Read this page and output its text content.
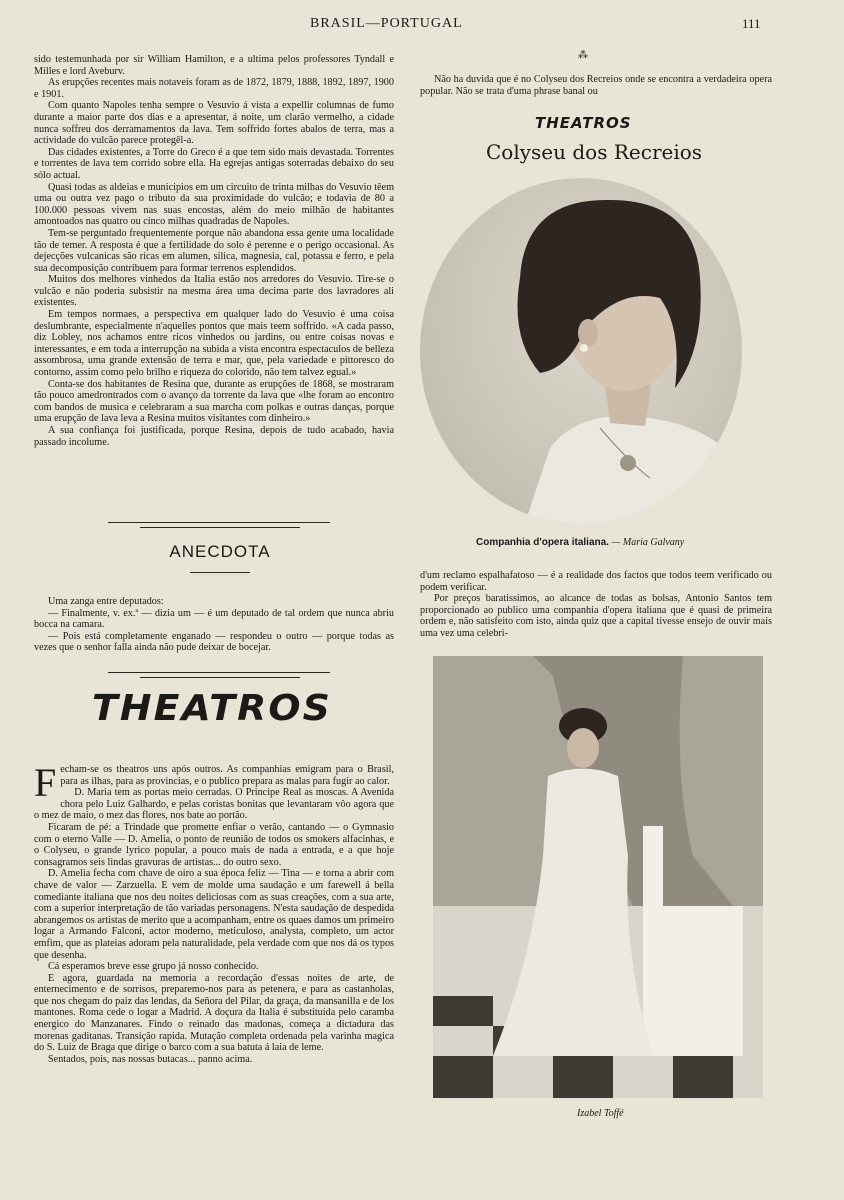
BRASIL—PORTUGAL	111

sido testemunhada por sir William Hamilton, e a ultima pelos professores Tyndall e Milles e lord Aveburv.

As erupções recentes mais notaveis foram as de 1872, 1879, 1888, 1892, 1897, 1900 e 1901.

Com quanto Napoles tenha sempre o Vesuvio á vista a expellir columnas de fumo durante a maior parte dos dias e a apresentar, á noite, um clarão vermelho, a cidade nunca soffreu dos derramamentos da lava. Tem soffrido fortes abalos de terra, mas a actividade do vulcão parece protegêl-a.

Das cidades existentes, a Torre do Greco é a que tem sido mais devastada. Torrentes e torrentes de lava tem corrido sobre ella. Ha egrejas antigas soterradas debaixo do seu sólo actual.

Quasi todas as aldeias e municipios em um circuito de trinta milhas do Vesuvio têem uma ou outra vez pago o tributo da sua proximidade do vulcão; e todavia de 80 a 100.000 pessoas vivem nas suas encostas, além do meio milhão de habitantes amontoados nas quatro ou cinco milhas quadradas de Napoles.

Tem-se perguntado frequentemente porque não abandona essa gente uma localidade tão de temer. A resposta é que a fertilidade do solo é perenne e o perigo occasional. As dejecções vulcanicas são ricas em alumen, silica, magnesia, cal, potassa e ferro, e pela sua decomposição contribuem para formar terrenos esplendidos.

Muitos dos melhores vinhedos da Italia estão nos arredores do Vesuvio. Tire-se o vulcão e não poderia subsistir na mesma área uma decima parte dos lavradores ali existentes.

Em tempos normaes, a perspectiva em qualquer lado do Vesuvio é uma coisa deslumbrante, especialmente n'aquelles pontos que mais teem soffrido. «A cada passo, diz Lobley, nos achamos entre ricos vinhedos ou jardins, ou entre coisas novas e interessantes, e em toda a interrupção na subida a vista encontra espectaculos de belleza assombrosa, uma grande extensão de terra e mar, que, pela variedade e pittoresco do contorno, assim como pelo brilho e riqueza do colorido, não tem talvez egual.»

Conta-se dos habitantes de Resina que, durante as erupções de 1868, se mostraram tão pouco amedrontrados com o avanço da torrente da lava que «lhe foram ao encontro com bandos de musica e celebraram a sua marcha com polkas e outras danças, porque uma erupção de lava leva a Resina muitos visitantes com dinheiro.»

A sua confiança foi justificada, porque Resina, depois de tudo acabado, havia passado incolume.

ANECDOTA

Uma zanga entre deputados:

— Finalmente, v. ex.ª — dizia um — é um deputado de tal ordem que nunca abriu bocca na camara.

— Pois está completamente enganado — respondeu o outro — porque todas as vezes que o senhor falla ainda não pude deixar de bocejar.

THEATROS

Fecham-se os theatros uns após outros. As companhias emigram para o Brasil, para as ilhas, para as provincias, e o publico prepara as malas para fugir ao calor.

D. Maria tem as portas meio cerradas. O Principe Real as moscas. A Avenida chora pelo Luiz Galhardo, e pelas coristas bonitas que levantaram vôo agora que o mez de maio, o mez das flores, nos bate ao portão.

Ficaram de pé: a Trindade que promette enfiar o verão, cantando — o Gymnasio com o eterno Valle — D. Amelia, o ponto de reunião de todos os smokers alfacinhas, e o Colyseu, o grande lyrico popular, a pouco mais de nada a entrada, e a que hoje consagramos seis lindas gravuras de artistas... do outro sexo.

D. Amelia fecha com chave de oiro a sua época feliz — Tina — e torna a abrir com chave de valor — Zarzuella. E vem de molde uma saudação e um farewell á bella comediante italiana que nos deu noites deliciosas com as suas creações, com a sua arte, com a superior interpretação de tão variadas personagens. N'esta saudação de despedida abrangemos os artistas de merito que a acompanham, entre os quaes damos um primeiro logar a Armando Falconi, actor moderno, meticuloso, analysta, completo, um actor emfim, que as plateias adoram pela naturalidade, pela verdade com que nos dá os typos que desenha.

Cá esperamos breve esse grupo já nosso conhecido.

E agora, guardada na memoria a recordação d'essas noites de arte, de enternecimento e de sorrisos, preparemo-nos para as petenera, e para as castanholas, que nos chegam do paiz das lendas, da Señora del Pilar, da graça, da mansanilla e de los mantones. Roma cede o logar a Madrid. A doçura da Italia é substituida pelo caramba energico do Manzanares. Findo o reinado das madonas, começa a dictadura das morenas gaditanas. Transição rapida. Mutação completa ordenada pela varinha magica do S. Luiz de Braga que dirige o barco com a sua batuta á laia de leme.

Sentados, pois, nas nossas butacas... panno acima.

⁂
Não ha duvida que é no Colyseu dos Recreios onde se encontra a verdadeira opera popular. Não se trata d'uma phrase banal ou
THEATROS
Colyseu dos Recreios
Companhia d'opera italiana. — Maria Galvany

d'um reclamo espalhafatoso — é a realidade dos factos que todos teem verificado ou podem verificar.

Por preços baratissimos, ao alcance de todas as bolsas, Antonio Santos tem proporcionado ao publico uma companhia d'opera italiana que é quasi de primeira ordem e, não satisfeito com isto, ainda quiz que a capital tivesse ensejo de ouvir mais uma vez uma celebri-

Izabel Toffé
